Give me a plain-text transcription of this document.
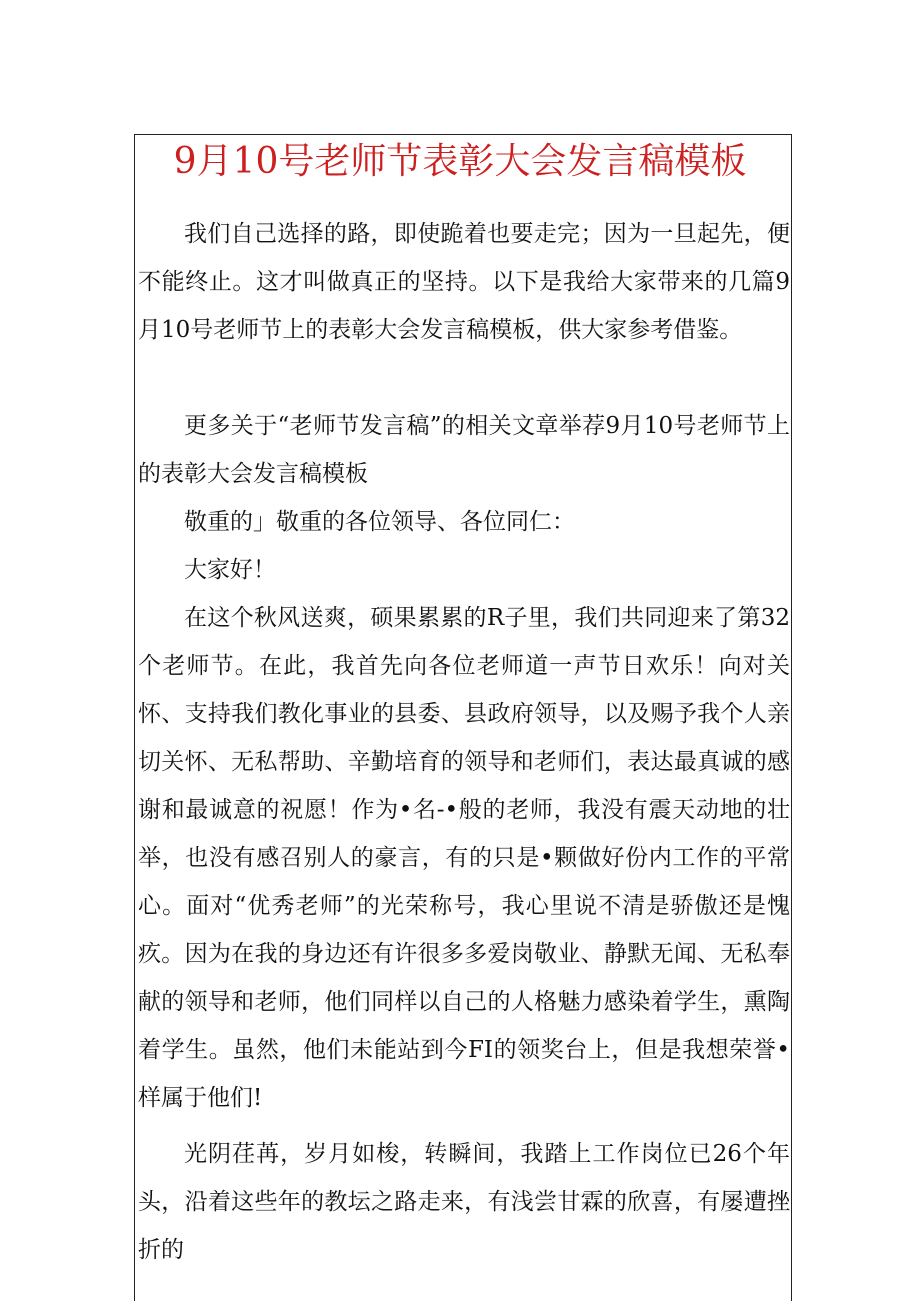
9月10号老师节表彰大会发言稿模板

我们自己选择的路，即使跪着也要走完；因为一旦起先，便不能终止。这才叫做真正的坚持。以下是我给大家带来的几篇9月10号老师节上的表彰大会发言稿模板，供大家参考借鉴。

更多关于“老师节发言稿”的相关文章举荐9月10号老师节上的表彰大会发言稿模板

敬重的」敬重的各位领导、各位同仁：

大家好！

在这个秋风送爽，硕果累累的R子里，我们共同迎来了第32个老师节。在此，我首先向各位老师道一声节日欢乐！向对关怀、支持我们教化事业的县委、县政府领导，以及赐予我个人亲切关怀、无私帮助、辛勤培育的领导和老师们，表达最真诚的感谢和最诚意的祝愿！作为•名-•般的老师，我没有震天动地的壮举，也没有感召别人的豪言，有的只是•颗做好份内工作的平常心。面对“优秀老师”的光荣称号，我心里说不清是骄傲还是愧疚。因为在我的身边还有许很多多爱岗敬业、静默无闻、无私奉献的领导和老师，他们同样以自己的人格魅力感染着学生，熏陶着学生。虽然，他们未能站到今FI的领奖台上，但是我想荣誉•样属于他们!

光阴荏苒，岁月如梭，转瞬间，我踏上工作岗位已26个年头，沿着这些年的教坛之路走来，有浅尝甘霖的欣喜，有屡遭挫折的
